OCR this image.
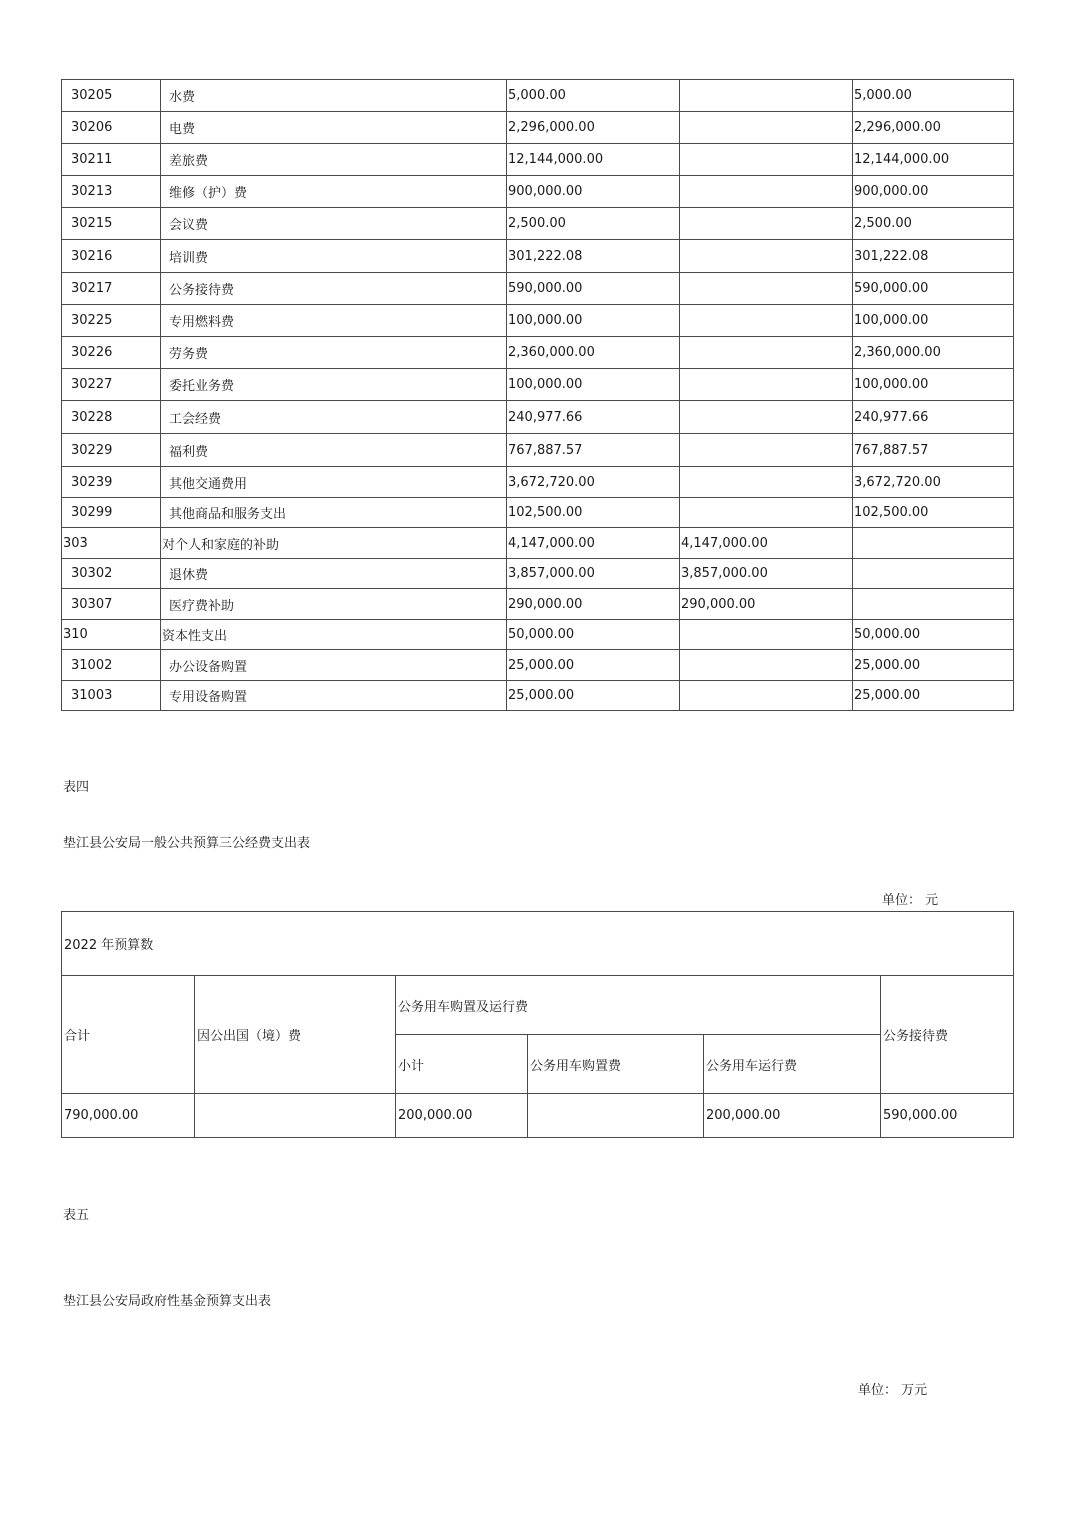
30205	水费	5,000.00		5,000.00
30206	电费	2,296,000.00		2,296,000.00
30211	差旅费	12,144,000.00		12,144,000.00
30213	维修（护）费	900,000.00		900,000.00
30215	会议费	2,500.00		2,500.00
30216	培训费	301,222.08		301,222.08
30217	公务接待费	590,000.00		590,000.00
30225	专用燃料费	100,000.00		100,000.00
30226	劳务费	2,360,000.00		2,360,000.00
30227	委托业务费	100,000.00		100,000.00
30228	工会经费	240,977.66		240,977.66
30229	福利费	767,887.57		767,887.57
30239	其他交通费用	3,672,720.00		3,672,720.00
30299	其他商品和服务支出	102,500.00		102,500.00
303	对个人和家庭的补助	4,147,000.00	4,147,000.00	
30302	退休费	3,857,000.00	3,857,000.00	
30307	医疗费补助	290,000.00	290,000.00	
310	资本性支出	50,000.00		50,000.00
31002	办公设备购置	25,000.00		25,000.00
31003	专用设备购置	25,000.00		25,000.00
表四
垫江县公安局一般公共预算三公经费支出表
单位： 元
2022 年预算数					
合计	因公出国（境）费	公务用车购置及运行费			公务接待费
		小计	公务用车购置费	公务用车运行费	
790,000.00		200,000.00		200,000.00	590,000.00
表五
垫江县公安局政府性基金预算支出表
单位： 万元
